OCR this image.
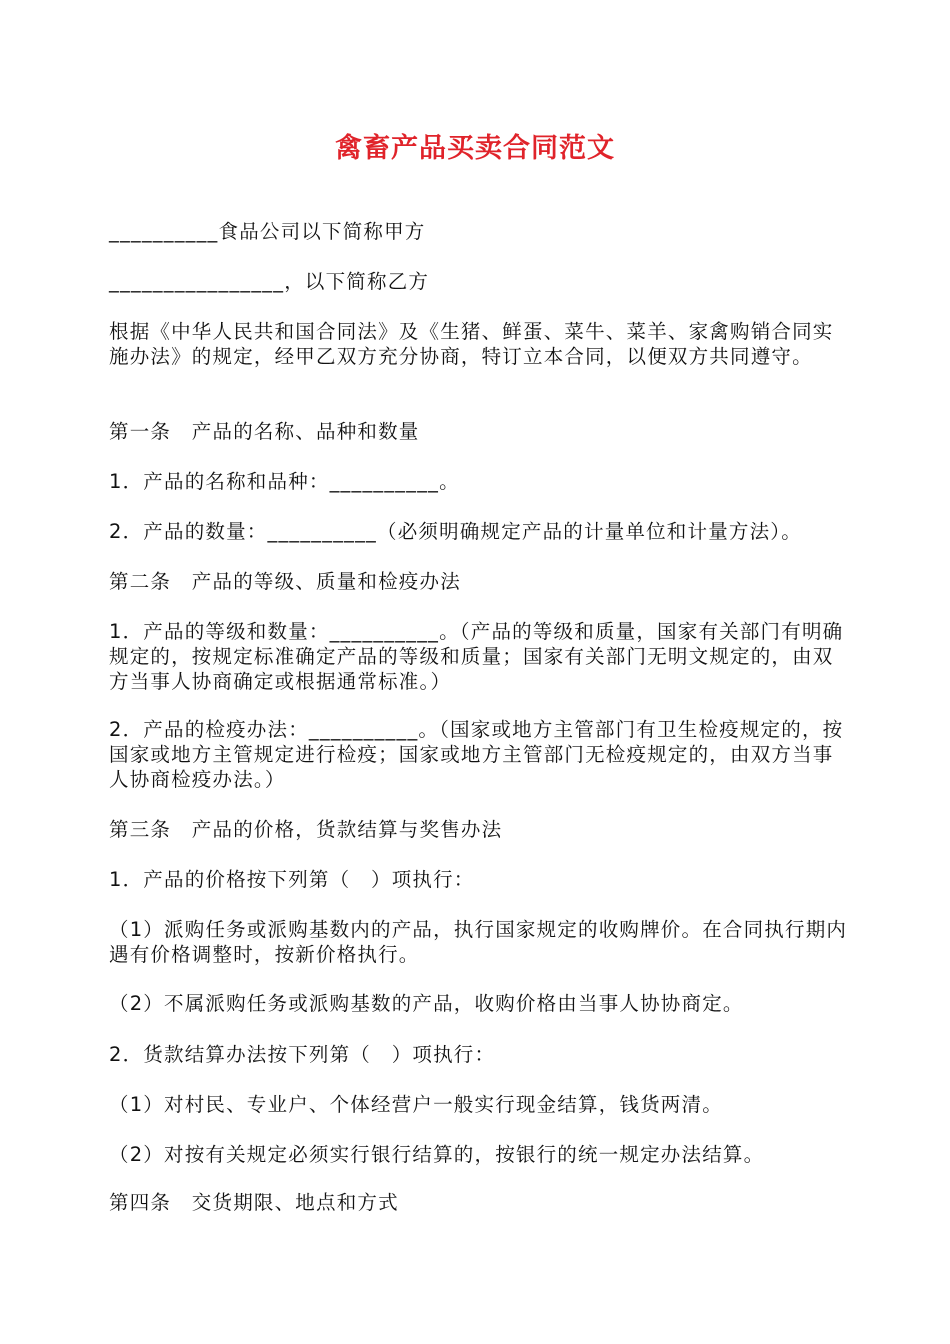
禽畜产品买卖合同范文
__________食品公司以下简称甲方
________________，以下简称乙方
根据《中华人民共和国合同法》及《生猪、鲜蛋、菜牛、菜羊、家禽购销合同实施办法》的规定，经甲乙双方充分协商，特订立本合同，以便双方共同遵守。
第一条　产品的名称、品种和数量
1．产品的名称和品种：__________。
2．产品的数量：__________（必须明确规定产品的计量单位和计量方法）。
第二条　产品的等级、质量和检疫办法
1．产品的等级和数量：__________。（产品的等级和质量，国家有关部门有明确规定的，按规定标准确定产品的等级和质量；国家有关部门无明文规定的，由双方当事人协商确定或根据通常标准。）
2．产品的检疫办法：__________。（国家或地方主管部门有卫生检疫规定的，按国家或地方主管规定进行检疫；国家或地方主管部门无检疫规定的，由双方当事人协商检疫办法。）
第三条　产品的价格，货款结算与奖售办法
1．产品的价格按下列第（　）项执行：
（1）派购任务或派购基数内的产品，执行国家规定的收购牌价。在合同执行期内遇有价格调整时，按新价格执行。
（2）不属派购任务或派购基数的产品，收购价格由当事人协协商定。
2．货款结算办法按下列第（　）项执行：
（1）对村民、专业户、个体经营户一般实行现金结算，钱货两清。
（2）对按有关规定必须实行银行结算的，按银行的统一规定办法结算。
第四条　交货期限、地点和方式
